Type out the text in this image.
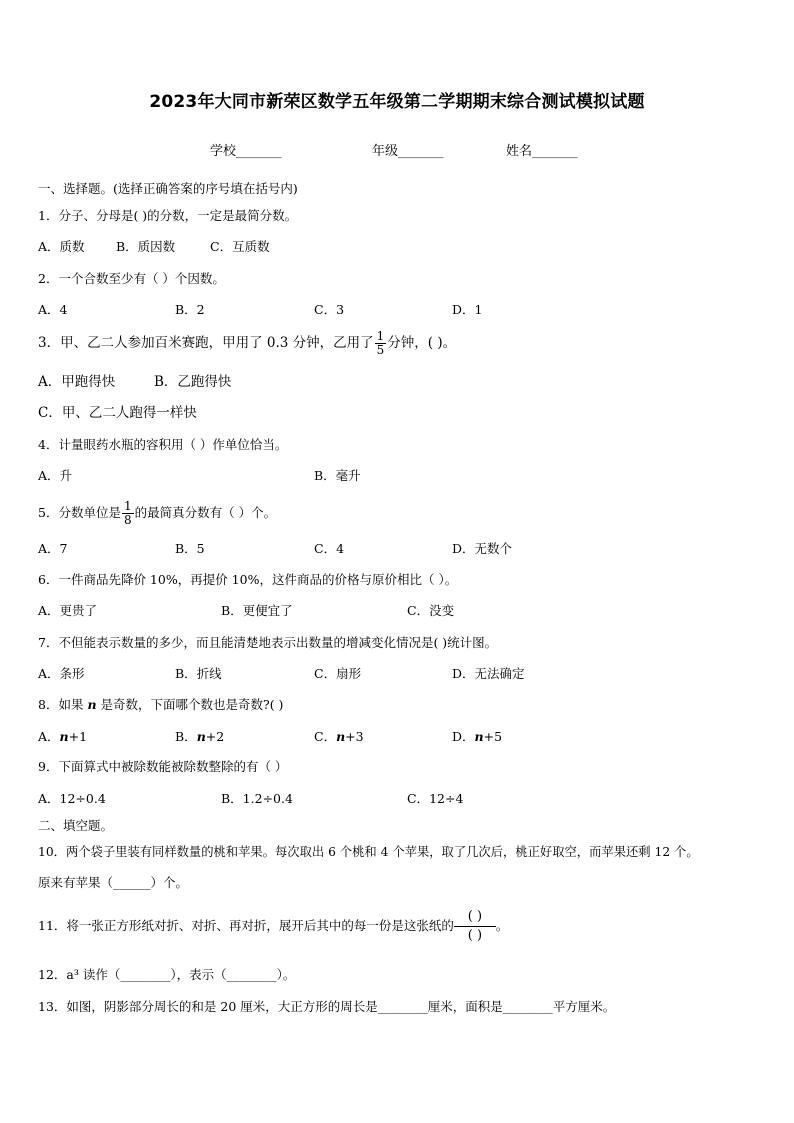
2023年大同市新荣区数学五年级第二学期期末综合测试模拟试题
学校_______	年级_______	姓名_______
一、选择题。(选择正确答案的序号填在括号内)
1．分子、分母是( )的分数，一定是最简分数。
A．质数	B．质因数	C．互质数
2．一个合数至少有（ ）个因数。
A．4	B．2	C．3	D．1
3．甲、乙二人参加百米赛跑，甲用了 0.3 分钟，乙用了 $\frac{1}{5}$ 分钟，( )。
A．甲跑得快	B．乙跑得快
C．甲、乙二人跑得一样快
4．计量眼药水瓶的容积用（ ）作单位恰当。
A．升	B．毫升
5．分数单位是 $\frac{1}{8}$ 的最简真分数有（ ）个。
A．7	B．5	C．4	D．无数个
6．一件商品先降价 10%，再提价 10%，这件商品的价格与原价相比（ ）。
A．更贵了	B．更便宜了	C．没变
7．不但能表示数量的多少，而且能清楚地表示出数量的增减变化情况是( )统计图。
A．条形	B．折线	C．扇形	D．无法确定
8．如果 n 是奇数，下面哪个数也是奇数?( )
A．n+1	B．n+2	C．n+3	D．n+5
9．下面算式中被除数能被除数整除的有（ ）
A．12÷0.4	B．1.2÷0.4	C．12÷4
二、填空题。
10．两个袋子里装有同样数量的桃和苹果。每次取出 6 个桃和 4 个苹果，取了几次后，桃正好取空，而苹果还剩 12 个。
原来有苹果（______）个。
11．将一张正方形纸对折、对折、再对折，展开后其中的每一份是这张纸的 $\frac{( )}{( )}$ 。
12．a³ 读作（________），表示（________）。
13．如图，阴影部分周长的和是 20 厘米，大正方形的周长是________厘米，面积是________平方厘米。
